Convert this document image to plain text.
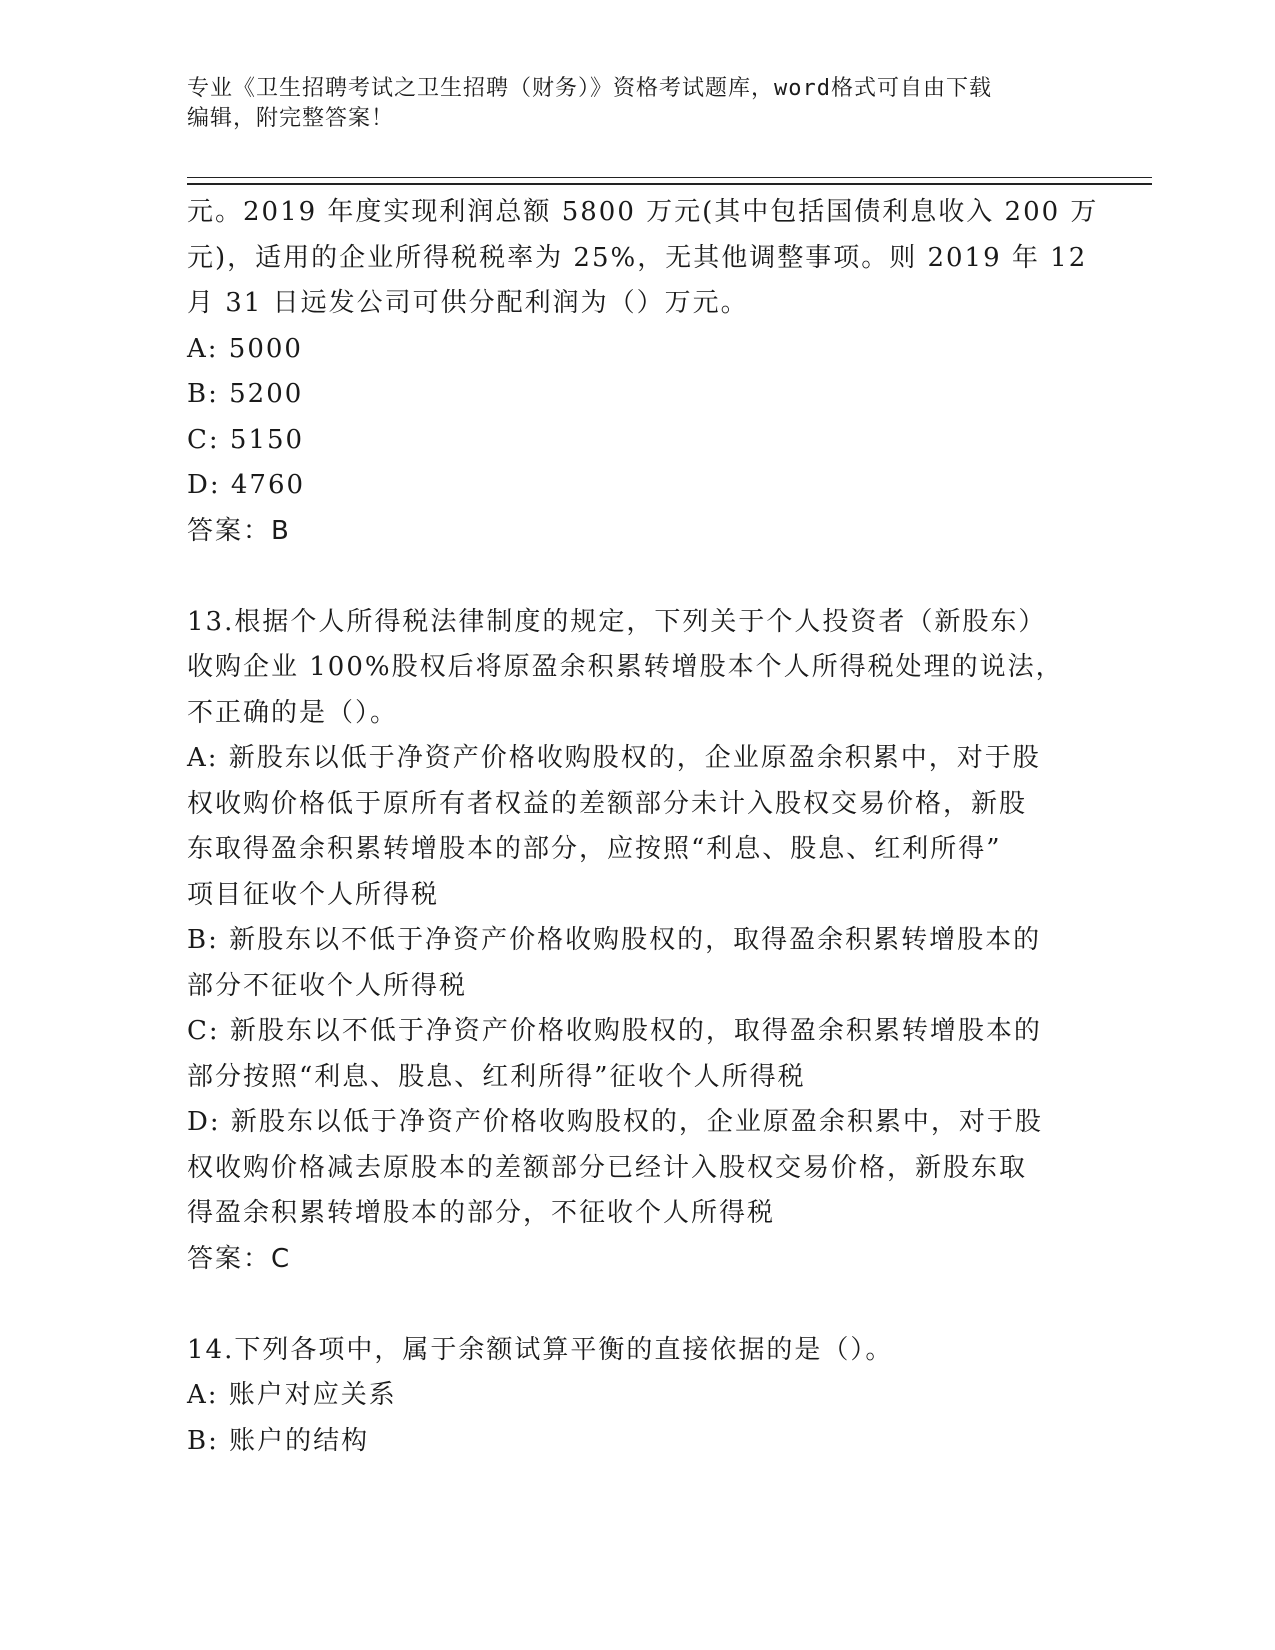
专业《卫生招聘考试之卫生招聘（财务）》资格考试题库，word格式可自由下载
编辑，附完整答案！
元。2019 年度实现利润总额 5800 万元(其中包括国债利息收入 200 万
元)，适用的企业所得税税率为 25%，无其他调整事项。则 2019 年 12
月 31 日远发公司可供分配利润为（）万元。
A: 5000
B: 5200
C: 5150
D: 4760
答案：B
13.根据个人所得税法律制度的规定，下列关于个人投资者（新股东）
收购企业 100%股权后将原盈余积累转增股本个人所得税处理的说法，
不正确的是（）。
A: 新股东以低于净资产价格收购股权的，企业原盈余积累中，对于股
权收购价格低于原所有者权益的差额部分未计入股权交易价格，新股
东取得盈余积累转增股本的部分，应按照“利息、股息、红利所得”
项目征收个人所得税
B: 新股东以不低于净资产价格收购股权的，取得盈余积累转增股本的
部分不征收个人所得税
C: 新股东以不低于净资产价格收购股权的，取得盈余积累转增股本的
部分按照“利息、股息、红利所得”征收个人所得税
D: 新股东以低于净资产价格收购股权的，企业原盈余积累中，对于股
权收购价格减去原股本的差额部分已经计入股权交易价格，新股东取
得盈余积累转增股本的部分，不征收个人所得税
答案：C
14.下列各项中，属于余额试算平衡的直接依据的是（）。
A: 账户对应关系
B: 账户的结构
